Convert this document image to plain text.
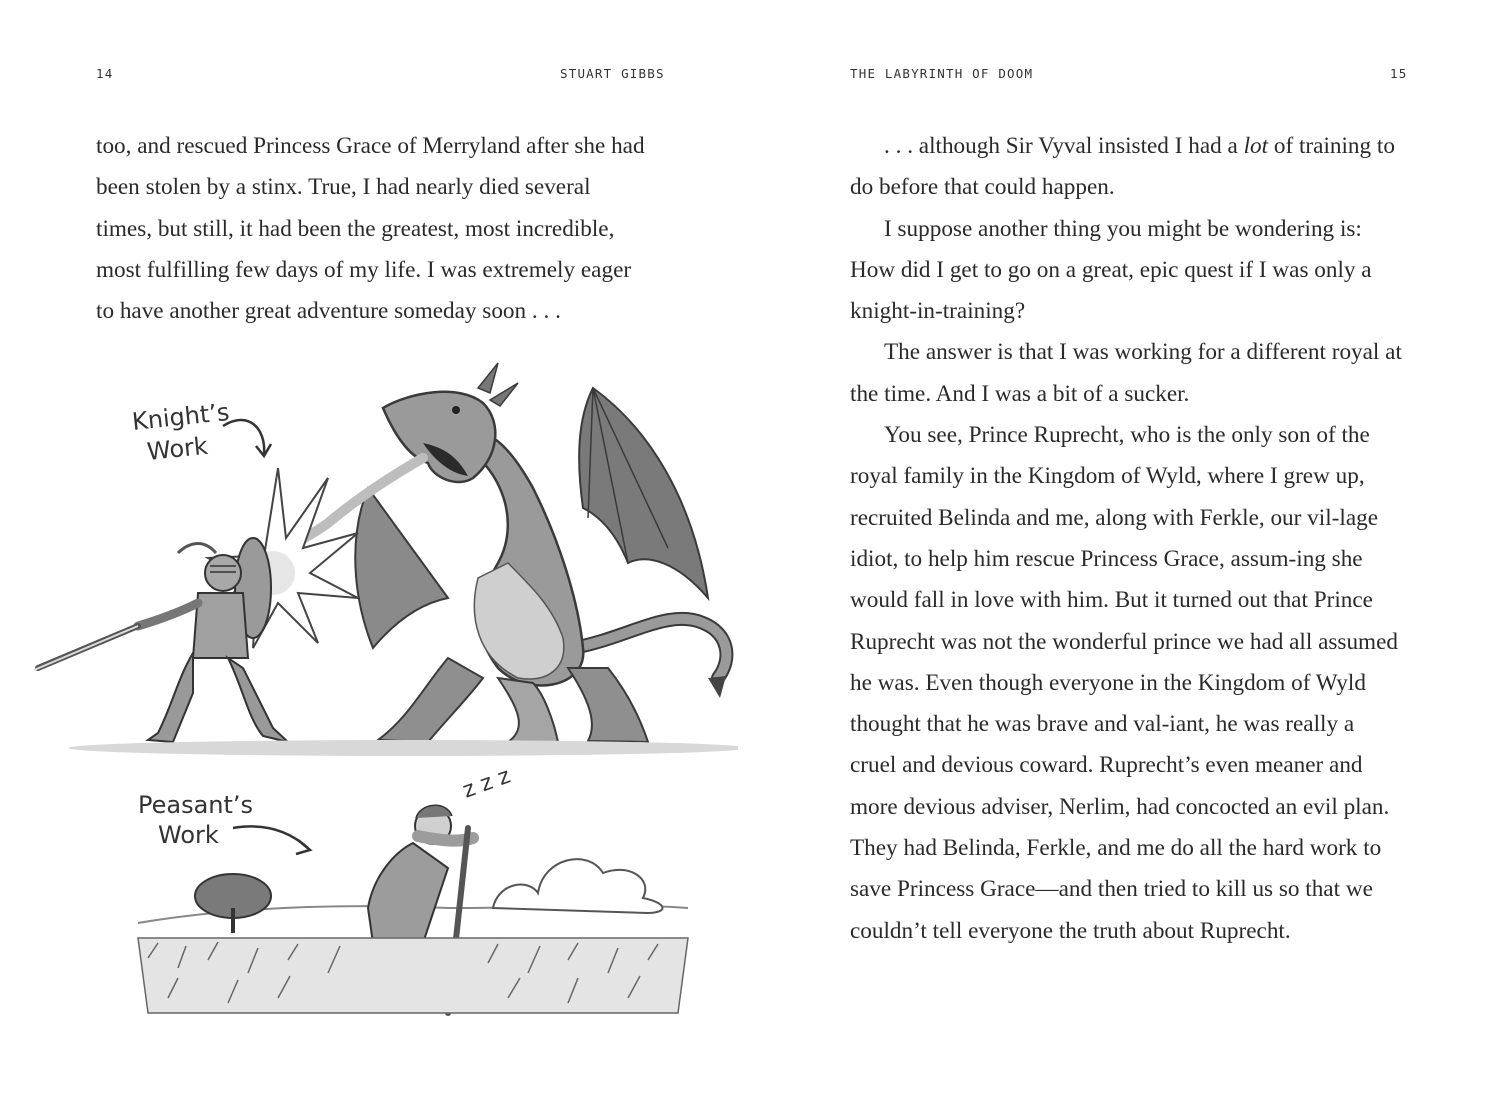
14	STUART GIBBS

too, and rescued Princess Grace of Merryland after she had been stolen by a stinx. True, I had nearly died several times, but still, it had been the greatest, most incredible, most fulfilling few days of my life. I was extremely eager to have another great adventure someday soon . . .

Knight’s
Work
Peasant’s
Work
z z z
THE LABYRINTH OF DOOM	15

. . . although Sir Vyval insisted I had a lot of training to do before that could happen.

I suppose another thing you might be wondering is: How did I get to go on a great, epic quest if I was only a knight-in-training?

The answer is that I was working for a different royal at the time. And I was a bit of a sucker.

You see, Prince Ruprecht, who is the only son of the royal family in the Kingdom of Wyld, where I grew up, recruited Belinda and me, along with Ferkle, our vil-lage idiot, to help him rescue Princess Grace, assum-ing she would fall in love with him. But it turned out that Prince Ruprecht was not the wonderful prince we had all assumed he was. Even though everyone in the Kingdom of Wyld thought that he was brave and val-iant, he was really a cruel and devious coward. Ruprecht’s even meaner and more devious adviser, Nerlim, had concocted an evil plan. They had Belinda, Ferkle, and me do all the hard work to save Princess Grace—and then tried to kill us so that we couldn’t tell everyone the truth about Ruprecht.
